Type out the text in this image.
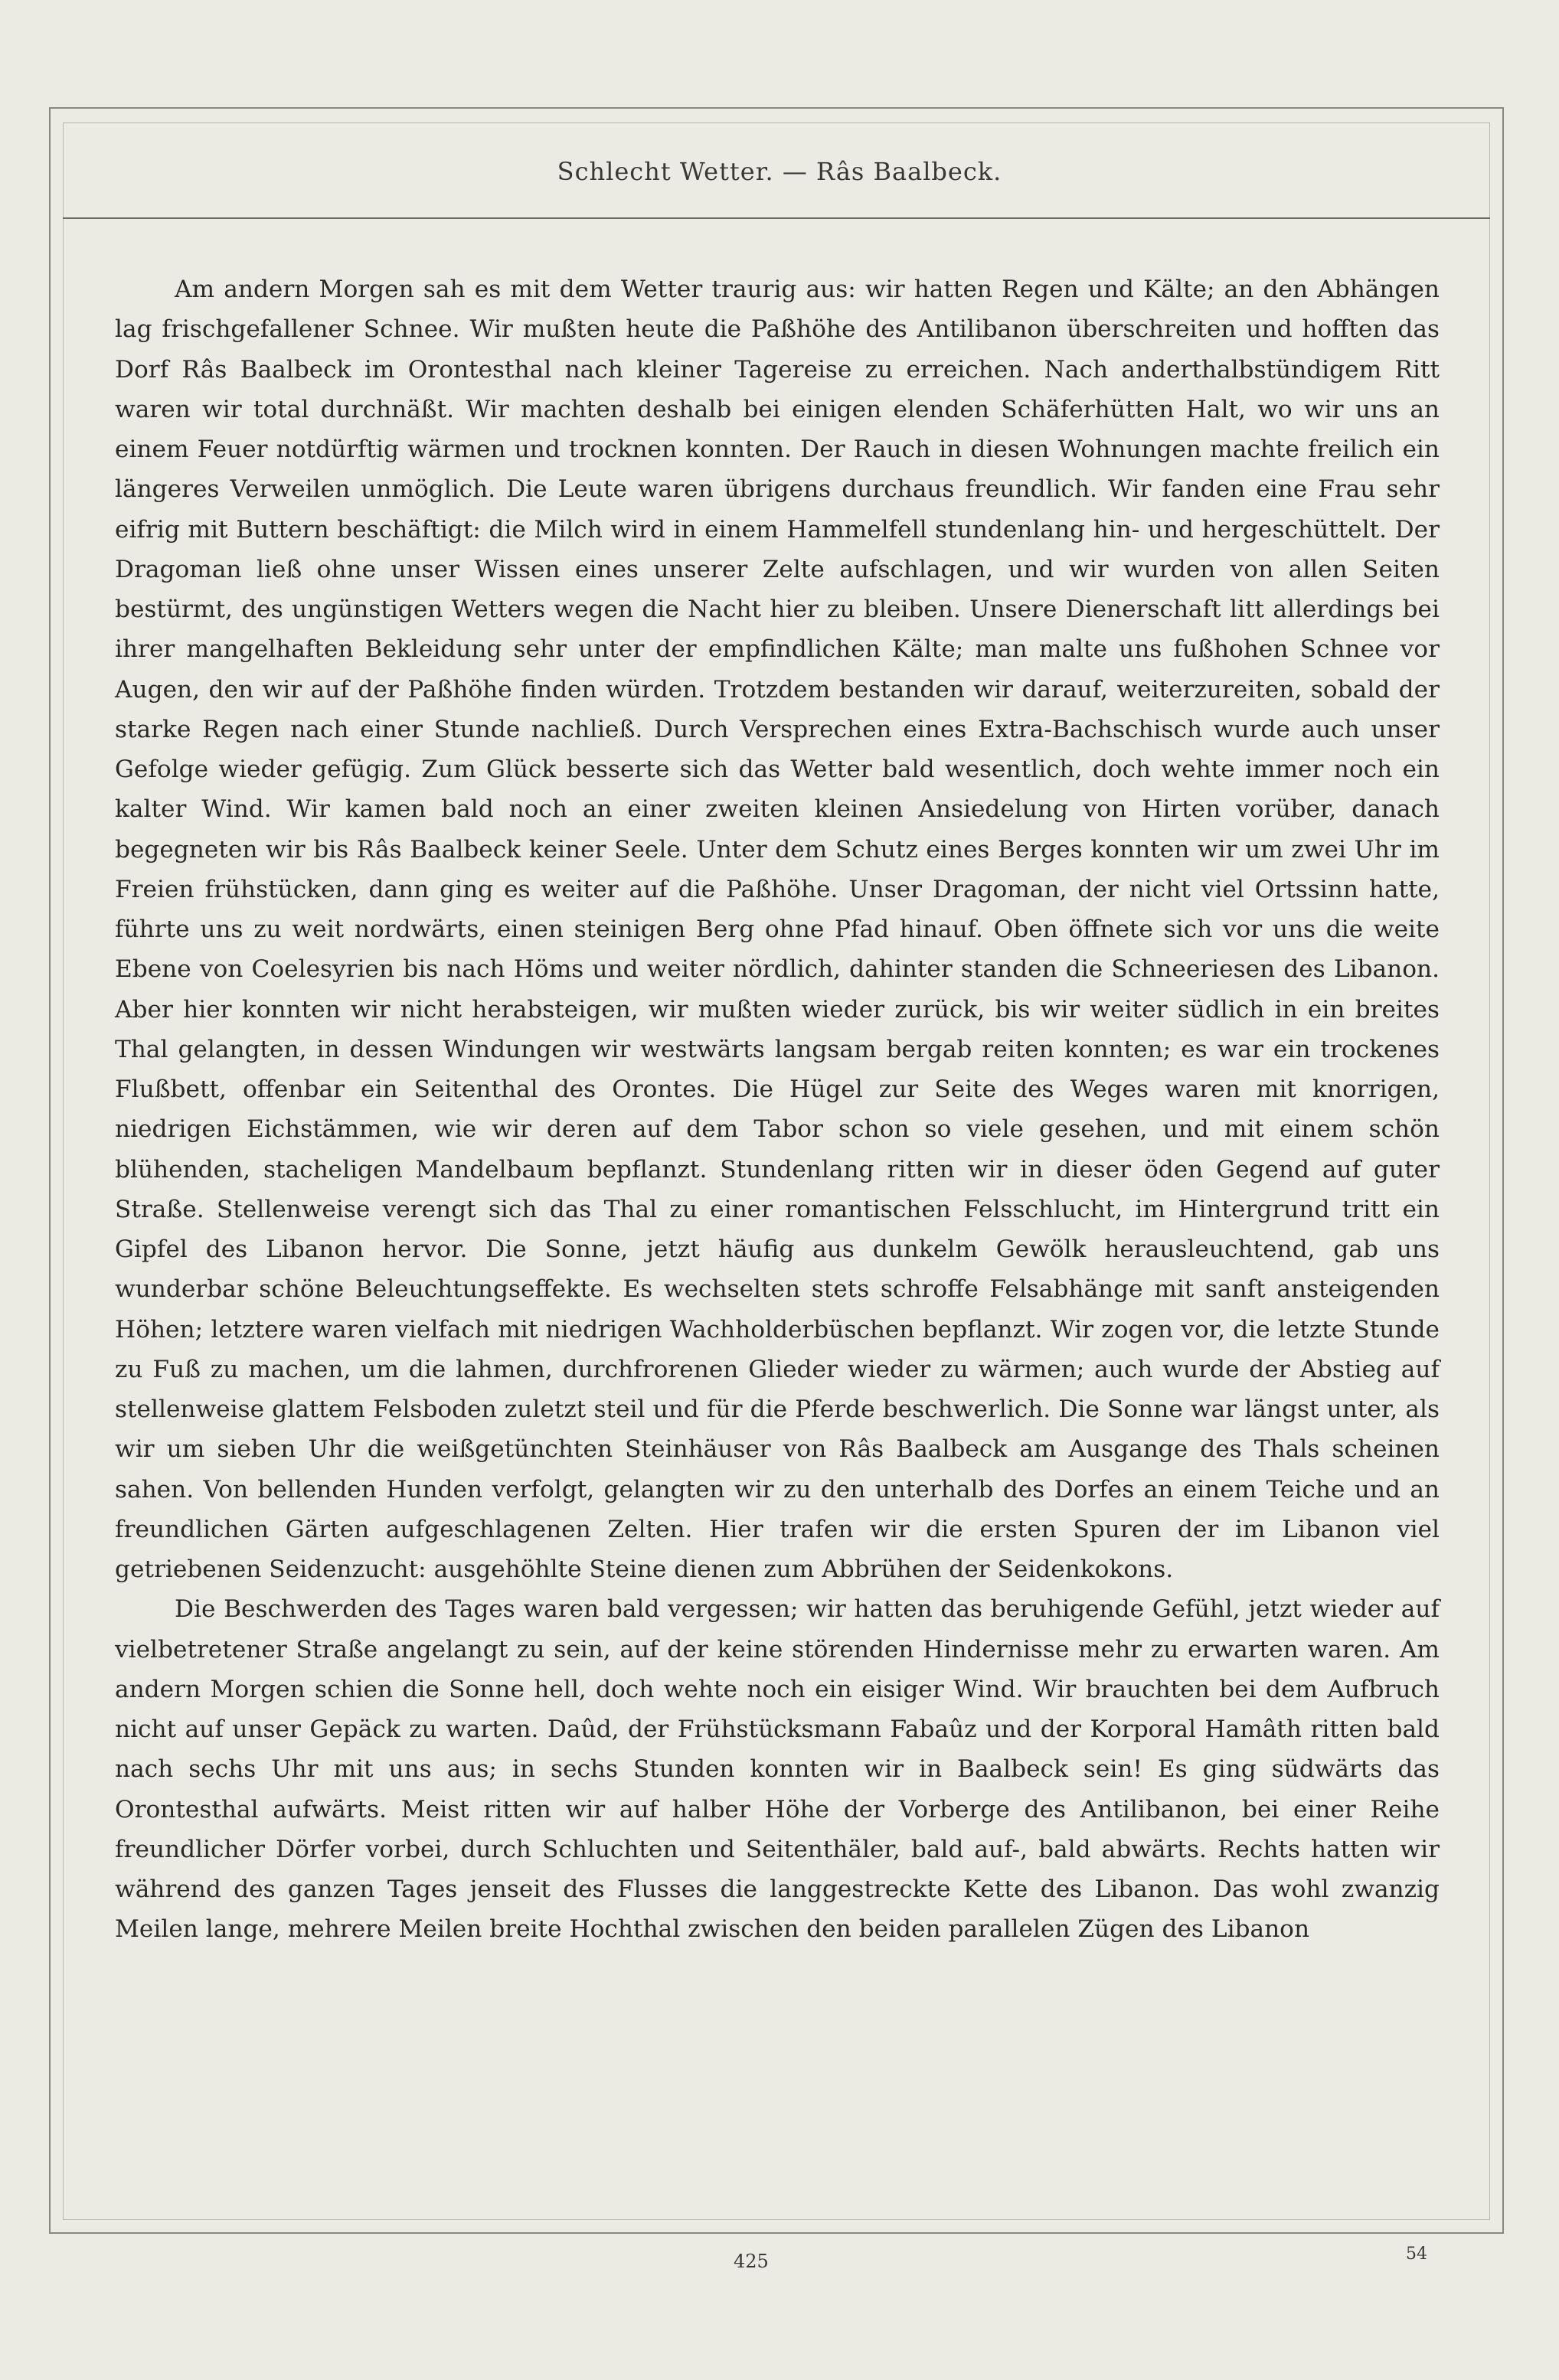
Schlecht Wetter. — Râs Baalbeck.

Am andern Morgen sah es mit dem Wetter traurig aus: wir hatten Regen und Kälte; an den Abhängen lag frischgefallener Schnee. Wir mußten heute die Paßhöhe des Antilibanon überschreiten und hofften das Dorf Râs Baalbeck im Orontesthal nach kleiner Tagereise zu erreichen. Nach anderthalbstündigem Ritt waren wir total durchnäßt. Wir machten deshalb bei einigen elenden Schäferhütten Halt, wo wir uns an einem Feuer notdürftig wärmen und trocknen konnten. Der Rauch in diesen Wohnungen machte freilich ein längeres Verweilen unmöglich. Die Leute waren übrigens durchaus freundlich. Wir fanden eine Frau sehr eifrig mit Buttern beschäftigt: die Milch wird in einem Hammelfell stundenlang hin- und hergeschüttelt. Der Dragoman ließ ohne unser Wissen eines unserer Zelte aufschlagen, und wir wurden von allen Seiten bestürmt, des ungünstigen Wetters wegen die Nacht hier zu bleiben. Unsere Dienerschaft litt allerdings bei ihrer mangelhaften Bekleidung sehr unter der empfindlichen Kälte; man malte uns fußhohen Schnee vor Augen, den wir auf der Paßhöhe finden würden. Trotzdem bestanden wir darauf, weiterzureiten, sobald der starke Regen nach einer Stunde nachließ. Durch Versprechen eines Extra-Bachschisch wurde auch unser Gefolge wieder gefügig. Zum Glück besserte sich das Wetter bald wesentlich, doch wehte immer noch ein kalter Wind. Wir kamen bald noch an einer zweiten kleinen Ansiedelung von Hirten vorüber, danach begegneten wir bis Râs Baalbeck keiner Seele. Unter dem Schutz eines Berges konnten wir um zwei Uhr im Freien frühstücken, dann ging es weiter auf die Paßhöhe. Unser Dragoman, der nicht viel Ortssinn hatte, führte uns zu weit nordwärts, einen steinigen Berg ohne Pfad hinauf. Oben öffnete sich vor uns die weite Ebene von Coelesyrien bis nach Höms und weiter nördlich, dahinter standen die Schneeriesen des Libanon. Aber hier konnten wir nicht herabsteigen, wir mußten wieder zurück, bis wir weiter südlich in ein breites Thal gelangten, in dessen Windungen wir westwärts langsam bergab reiten konnten; es war ein trockenes Flußbett, offenbar ein Seitenthal des Orontes. Die Hügel zur Seite des Weges waren mit knorrigen, niedrigen Eichstämmen, wie wir deren auf dem Tabor schon so viele gesehen, und mit einem schön blühenden, stacheligen Mandelbaum bepflanzt. Stundenlang ritten wir in dieser öden Gegend auf guter Straße. Stellenweise verengt sich das Thal zu einer romantischen Felsschlucht, im Hintergrund tritt ein Gipfel des Libanon hervor. Die Sonne, jetzt häufig aus dunkelm Gewölk herausleuchtend, gab uns wunderbar schöne Beleuchtungseffekte. Es wechselten stets schroffe Felsabhänge mit sanft ansteigenden Höhen; letztere waren vielfach mit niedrigen Wachholderbüschen bepflanzt. Wir zogen vor, die letzte Stunde zu Fuß zu machen, um die lahmen, durchfrorenen Glieder wieder zu wärmen; auch wurde der Abstieg auf stellenweise glattem Felsboden zuletzt steil und für die Pferde beschwerlich. Die Sonne war längst unter, als wir um sieben Uhr die weißgetünchten Steinhäuser von Râs Baalbeck am Ausgange des Thals scheinen sahen. Von bellenden Hunden verfolgt, gelangten wir zu den unterhalb des Dorfes an einem Teiche und an freundlichen Gärten aufgeschlagenen Zelten. Hier trafen wir die ersten Spuren der im Libanon viel getriebenen Seidenzucht: ausgehöhlte Steine dienen zum Abbrühen der Seidenkokons.

Die Beschwerden des Tages waren bald vergessen; wir hatten das beruhigende Gefühl, jetzt wieder auf vielbetretener Straße angelangt zu sein, auf der keine störenden Hindernisse mehr zu erwarten waren. Am andern Morgen schien die Sonne hell, doch wehte noch ein eisiger Wind. Wir brauchten bei dem Aufbruch nicht auf unser Gepäck zu warten. Daûd, der Frühstücksmann Fabaûz und der Korporal Hamâth ritten bald nach sechs Uhr mit uns aus; in sechs Stunden konnten wir in Baalbeck sein! Es ging südwärts das Orontesthal aufwärts. Meist ritten wir auf halber Höhe der Vorberge des Antilibanon, bei einer Reihe freundlicher Dörfer vorbei, durch Schluchten und Seitenthäler, bald auf-, bald abwärts. Rechts hatten wir während des ganzen Tages jenseit des Flusses die langgestreckte Kette des Libanon. Das wohl zwanzig Meilen lange, mehrere Meilen breite Hochthal zwischen den beiden parallelen Zügen des Libanon

425	54
